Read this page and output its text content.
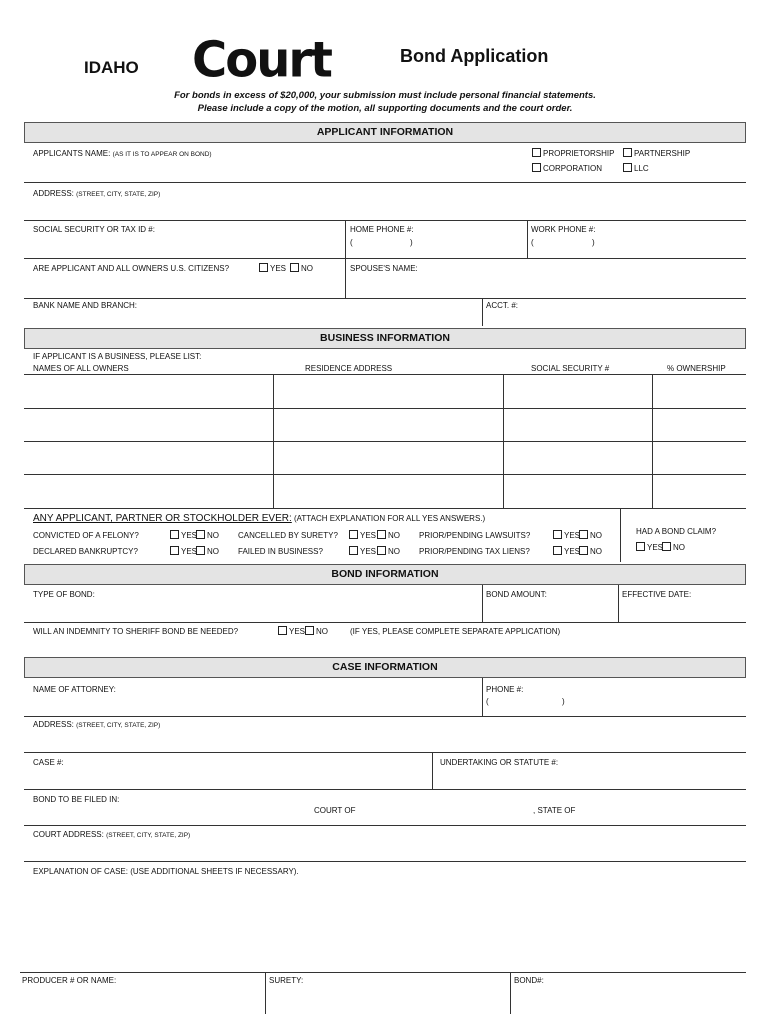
IDAHO Court	Bond Application
For bonds in excess of $20,000, your submission must include personal financial statements.
Please include a copy of the motion, all supporting documents and the court order.
APPLICANT INFORMATION
APPLICANTS NAME: (AS IT IS TO APPEAR ON BOND)	PROPRIETORSHIP	PARTNERSHIP
CORPORATION	LLC
ADDRESS: (STREET, CITY, STATE, ZIP)
SOCIAL SECURITY OR TAX ID #:	HOME PHONE #:
(	)
WORK PHONE #:
(	)
ARE APPLICANT AND ALL OWNERS U.S. CITIZENS?	YES	NO	SPOUSE'S NAME:
BANK NAME AND BRANCH:	ACCT. #:
BUSINESS INFORMATION
IF APPLICANT IS A BUSINESS, PLEASE LIST:
NAMES OF ALL OWNERS	RESIDENCE ADDRESS	SOCIAL SECURITY #	% OWNERSHIP
ANY APPLICANT, PARTNER OR STOCKHOLDER EVER: (ATTACH EXPLANATION FOR ALL YES ANSWERS.)
CONVICTED OF A FELONY?	YES	NO CANCELLED BY SURETY?	YES	NO PRIOR/PENDING LAWSUITS?	YES	NO
DECLARED BANKRUPTCY?	YES	NO FAILED IN BUSINESS?	YES	NO PRIOR/PENDING TAX LIENS?	YES	NO
HAD A BOND CLAIM?
YES	NO
BOND INFORMATION
TYPE OF BOND:	BOND AMOUNT:	EFFECTIVE DATE:
WILL AN INDEMNITY TO SHERIFF BOND BE NEEDED?	YES	NO	(IF YES, PLEASE COMPLETE SEPARATE APPLICATION)
CASE INFORMATION
NAME OF ATTORNEY:	PHONE #:
(	)
ADDRESS: (STREET, CITY, STATE, ZIP)
CASE #:	UNDERTAKING OR STATUTE #:
BOND TO BE FILED IN:
COURT OF	, STATE OF
COURT ADDRESS: (STREET, CITY, STATE, ZIP)
EXPLANATION OF CASE: (USE ADDITIONAL SHEETS IF NECESSARY).
PRODUCER # OR NAME:	SURETY:	BOND#:
